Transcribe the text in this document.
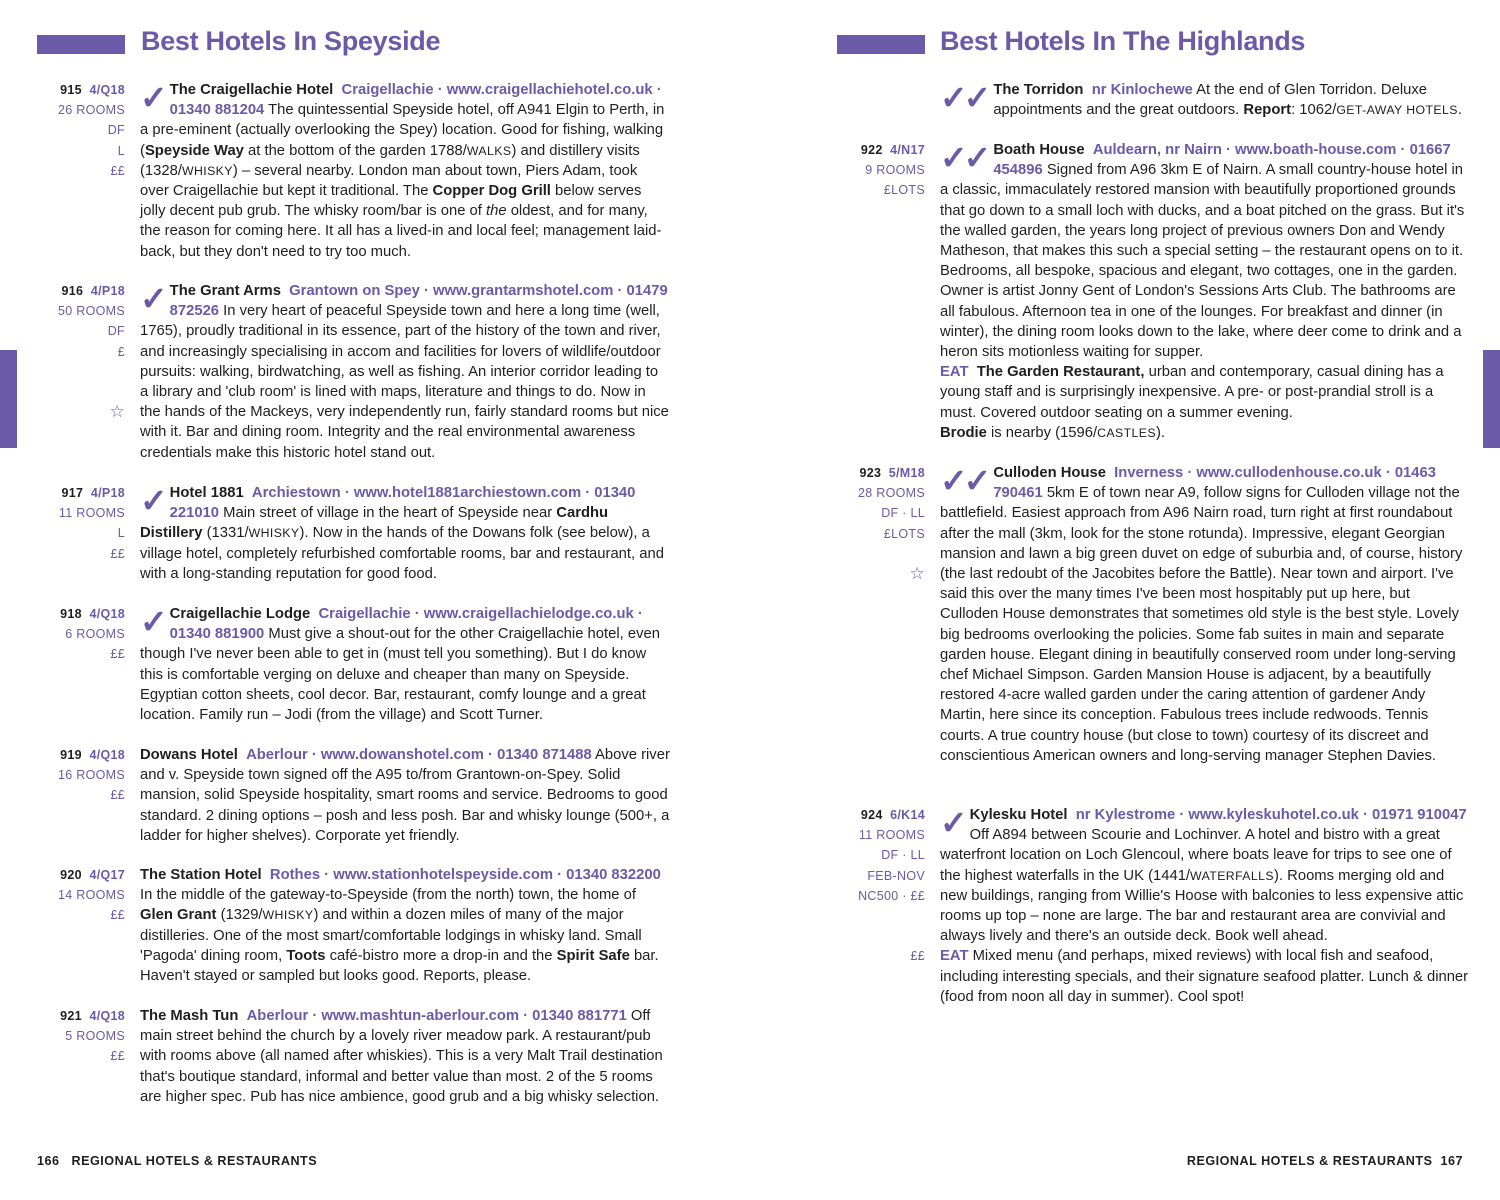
Best Hotels In Speyside
915 4/Q18
26 ROOMS
DF
L
££
✓ The Craigellachie Hotel Craigellachie · www.craigellachiehotel.co.uk · 01340 881204 The quintessential Speyside hotel, off A941 Elgin to Perth, in a pre-eminent (actually overlooking the Spey) location. Good for fishing, walking (Speyside Way at the bottom of the garden 1788/WALKS) and distillery visits (1328/WHISKY) – several nearby. London man about town, Piers Adam, took over Craigellachie but kept it traditional. The Copper Dog Grill below serves jolly decent pub grub. The whisky room/bar is one of the oldest, and for many, the reason for coming here. It all has a lived-in and local feel; management laid-back, but they don't need to try too much.
916 4/P18
50 ROOMS
DF
£

☆
✓ The Grant Arms Grantown on Spey · www.grantarmshotel.com · 01479 872526 In very heart of peaceful Speyside town and here a long time (well, 1765), proudly traditional in its essence, part of the history of the town and river, and increasingly specialising in accom and facilities for lovers of wildlife/outdoor pursuits: walking, birdwatching, as well as fishing. An interior corridor leading to a library and 'club room' is lined with maps, literature and things to do. Now in the hands of the Mackeys, very independently run, fairly standard rooms but nice with it. Bar and dining room. Integrity and the real environmental awareness credentials make this historic hotel stand out.
917 4/P18
11 ROOMS
L
££
✓ Hotel 1881 Archiestown · www.hotel1881archiestown.com · 01340 221010 Main street of village in the heart of Speyside near Cardhu Distillery (1331/WHISKY). Now in the hands of the Dowans folk (see below), a village hotel, completely refurbished comfortable rooms, bar and restaurant, and with a long-standing reputation for good food.
918 4/Q18
6 ROOMS
££
✓ Craigellachie Lodge Craigellachie · www.craigellachielodge.co.uk · 01340 881900 Must give a shout-out for the other Craigellachie hotel, even though I've never been able to get in (must tell you something). But I do know this is comfortable verging on deluxe and cheaper than many on Speyside. Egyptian cotton sheets, cool decor. Bar, restaurant, comfy lounge and a great location. Family run – Jodi (from the village) and Scott Turner.
919 4/Q18
16 ROOMS
££
Dowans Hotel Aberlour · www.dowanshotel.com · 01340 871488 Above river and v. Speyside town signed off the A95 to/from Grantown-on-Spey. Solid mansion, solid Speyside hospitality, smart rooms and service. Bedrooms to good standard. 2 dining options – posh and less posh. Bar and whisky lounge (500+, a ladder for higher shelves). Corporate yet friendly.
920 4/Q17
14 ROOMS
££
The Station Hotel Rothes · www.stationhotelspeyside.com · 01340 832200 In the middle of the gateway-to-Speyside (from the north) town, the home of Glen Grant (1329/WHISKY) and within a dozen miles of many of the major distilleries. One of the most smart/comfortable lodgings in whisky land. Small 'Pagoda' dining room, Toots café-bistro more a drop-in and the Spirit Safe bar. Haven't stayed or sampled but looks good. Reports, please.
921 4/Q18
5 ROOMS
££
The Mash Tun Aberlour · www.mashtun-aberlour.com · 01340 881771 Off main street behind the church by a lovely river meadow park. A restaurant/pub with rooms above (all named after whiskies). This is a very Malt Trail destination that's boutique standard, informal and better value than most. 2 of the 5 rooms are higher spec. Pub has nice ambience, good grub and a big whisky selection.
166 REGIONAL HOTELS & RESTAURANTS
Best Hotels In The Highlands
✓✓ The Torridon nr Kinlochewe At the end of Glen Torridon. Deluxe appointments and the great outdoors. Report: 1062/GET-AWAY HOTELS.
922 4/N17
9 ROOMS
£LOTS
✓✓ Boath House Auldearn, nr Nairn · www.boath-house.com · 01667 454896 Signed from A96 3km E of Nairn. A small country-house hotel in a classic, immaculately restored mansion with beautifully proportioned grounds that go down to a small loch with ducks, and a boat pitched on the grass. But it's the walled garden, the years long project of previous owners Don and Wendy Matheson, that makes this such a special setting – the restaurant opens on to it. Bedrooms, all bespoke, spacious and elegant, two cottages, one in the garden. Owner is artist Jonny Gent of London's Sessions Arts Club. The bathrooms are all fabulous. Afternoon tea in one of the lounges. For breakfast and dinner (in winter), the dining room looks down to the lake, where deer come to drink and a heron sits motionless waiting for supper.
EAT The Garden Restaurant, urban and contemporary, casual dining has a young staff and is surprisingly inexpensive. A pre- or post-prandial stroll is a must. Covered outdoor seating on a summer evening.
Brodie is nearby (1596/CASTLES).
923 5/M18
28 ROOMS
DF · LL
£LOTS

☆
✓✓ Culloden House Inverness · www.cullodenhouse.co.uk · 01463 790461 5km E of town near A9, follow signs for Culloden village not the battlefield. Easiest approach from A96 Nairn road, turn right at first roundabout after the mall (3km, look for the stone rotunda). Impressive, elegant Georgian mansion and lawn a big green duvet on edge of suburbia and, of course, history (the last redoubt of the Jacobites before the Battle). Near town and airport. I've said this over the many times I've been most hospitably put up here, but Culloden House demonstrates that sometimes old style is the best style. Lovely big bedrooms overlooking the policies. Some fab suites in main and separate garden house. Elegant dining in beautifully conserved room under long-serving chef Michael Simpson. Garden Mansion House is adjacent, by a beautifully restored 4-acre walled garden under the caring attention of gardener Andy Martin, here since its conception. Fabulous trees include redwoods. Tennis courts. A true country house (but close to town) courtesy of its discreet and conscientious American owners and long-serving manager Stephen Davies.
924 6/K14
11 ROOMS
DF · LL
FEB-NOV
NC500 · ££

££
✓ Kylesku Hotel nr Kylestrome · www.kyleskuhotel.co.uk · 01971 910047 Off A894 between Scourie and Lochinver. A hotel and bistro with a great waterfront location on Loch Glencoul, where boats leave for trips to see one of the highest waterfalls in the UK (1441/WATERFALLS). Rooms merging old and new buildings, ranging from Willie's Hoose with balconies to less expensive attic rooms up top – none are large. The bar and restaurant area are convivial and always lively and there's an outside deck. Book well ahead.
EAT Mixed menu (and perhaps, mixed reviews) with local fish and seafood, including interesting specials, and their signature seafood platter. Lunch & dinner (food from noon all day in summer). Cool spot!
REGIONAL HOTELS & RESTAURANTS 167
